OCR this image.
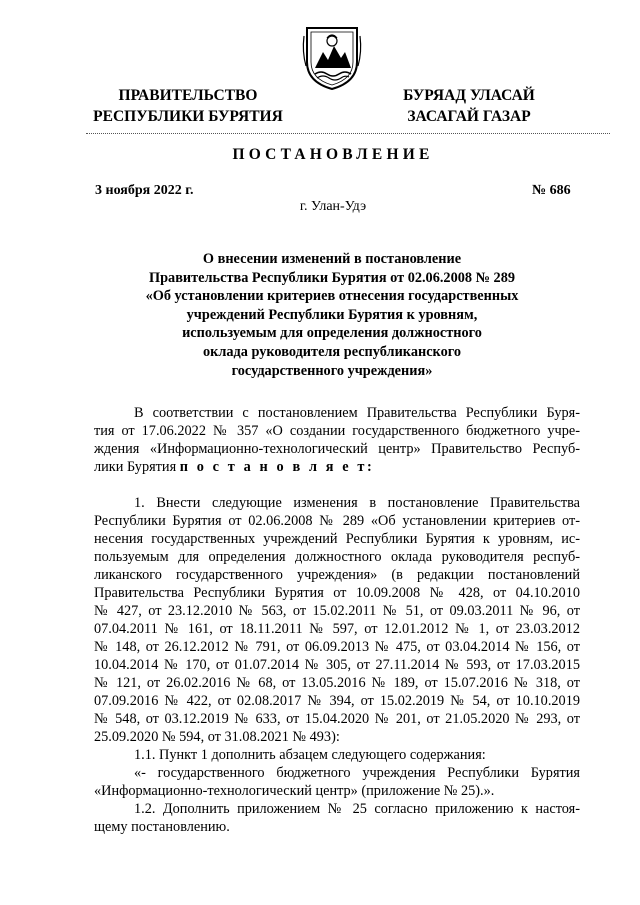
ПРАВИТЕЛЬСТВО
РЕСПУБЛИКИ БУРЯТИЯ
БУРЯАД УЛАСАЙ
ЗАСАГАЙ ГАЗАР
ПОСТАНОВЛЕНИЕ
3 ноября 2022 г.	№ 686
г. Улан-Удэ
О внесении изменений в постановление
Правительства Республики Бурятия от 02.06.2008 № 289
«Об установлении критериев отнесения государственных
учреждений Республики Бурятия к уровням,
используемым для определения должностного
оклада руководителя республиканского
государственного учреждения»
В соответствии с постановлением Правительства Республики Буря-
тия от 17.06.2022 № 357 «О создании государственного бюджетного учре-
ждения «Информационно-технологический центр» Правительство Респуб-
лики Бурятия п о с т а н о в л я е т:
1. Внести следующие изменения в постановление Правительства
Республики Бурятия от 02.06.2008 № 289 «Об установлении критериев от-
несения государственных учреждений Республики Бурятия к уровням, ис-
пользуемым для определения должностного оклада руководителя респуб-
ликанского государственного учреждения» (в редакции постановлений
Правительства Республики Бурятия от 10.09.2008 № 428, от 04.10.2010
№ 427, от 23.12.2010 № 563, от 15.02.2011 № 51, от 09.03.2011 № 96, от
07.04.2011 № 161, от 18.11.2011 № 597, от 12.01.2012 № 1, от 23.03.2012
№ 148, от 26.12.2012 № 791, от 06.09.2013 № 475, от 03.04.2014 № 156, от
10.04.2014 № 170, от 01.07.2014 № 305, от 27.11.2014 № 593, от 17.03.2015
№ 121, от 26.02.2016 № 68, от 13.05.2016 № 189, от 15.07.2016 № 318, от
07.09.2016 № 422, от 02.08.2017 № 394, от 15.02.2019 № 54, от 10.10.2019
№ 548, от 03.12.2019 № 633, от 15.04.2020 № 201, от 21.05.2020 № 293, от
25.09.2020 № 594, от 31.08.2021 № 493):
1.1. Пункт 1 дополнить абзацем следующего содержания:
«- государственного бюджетного учреждения Республики Бурятия
«Информационно-технологический центр» (приложение № 25).».
1.2. Дополнить приложением № 25 согласно приложению к настоя-
щему постановлению.
